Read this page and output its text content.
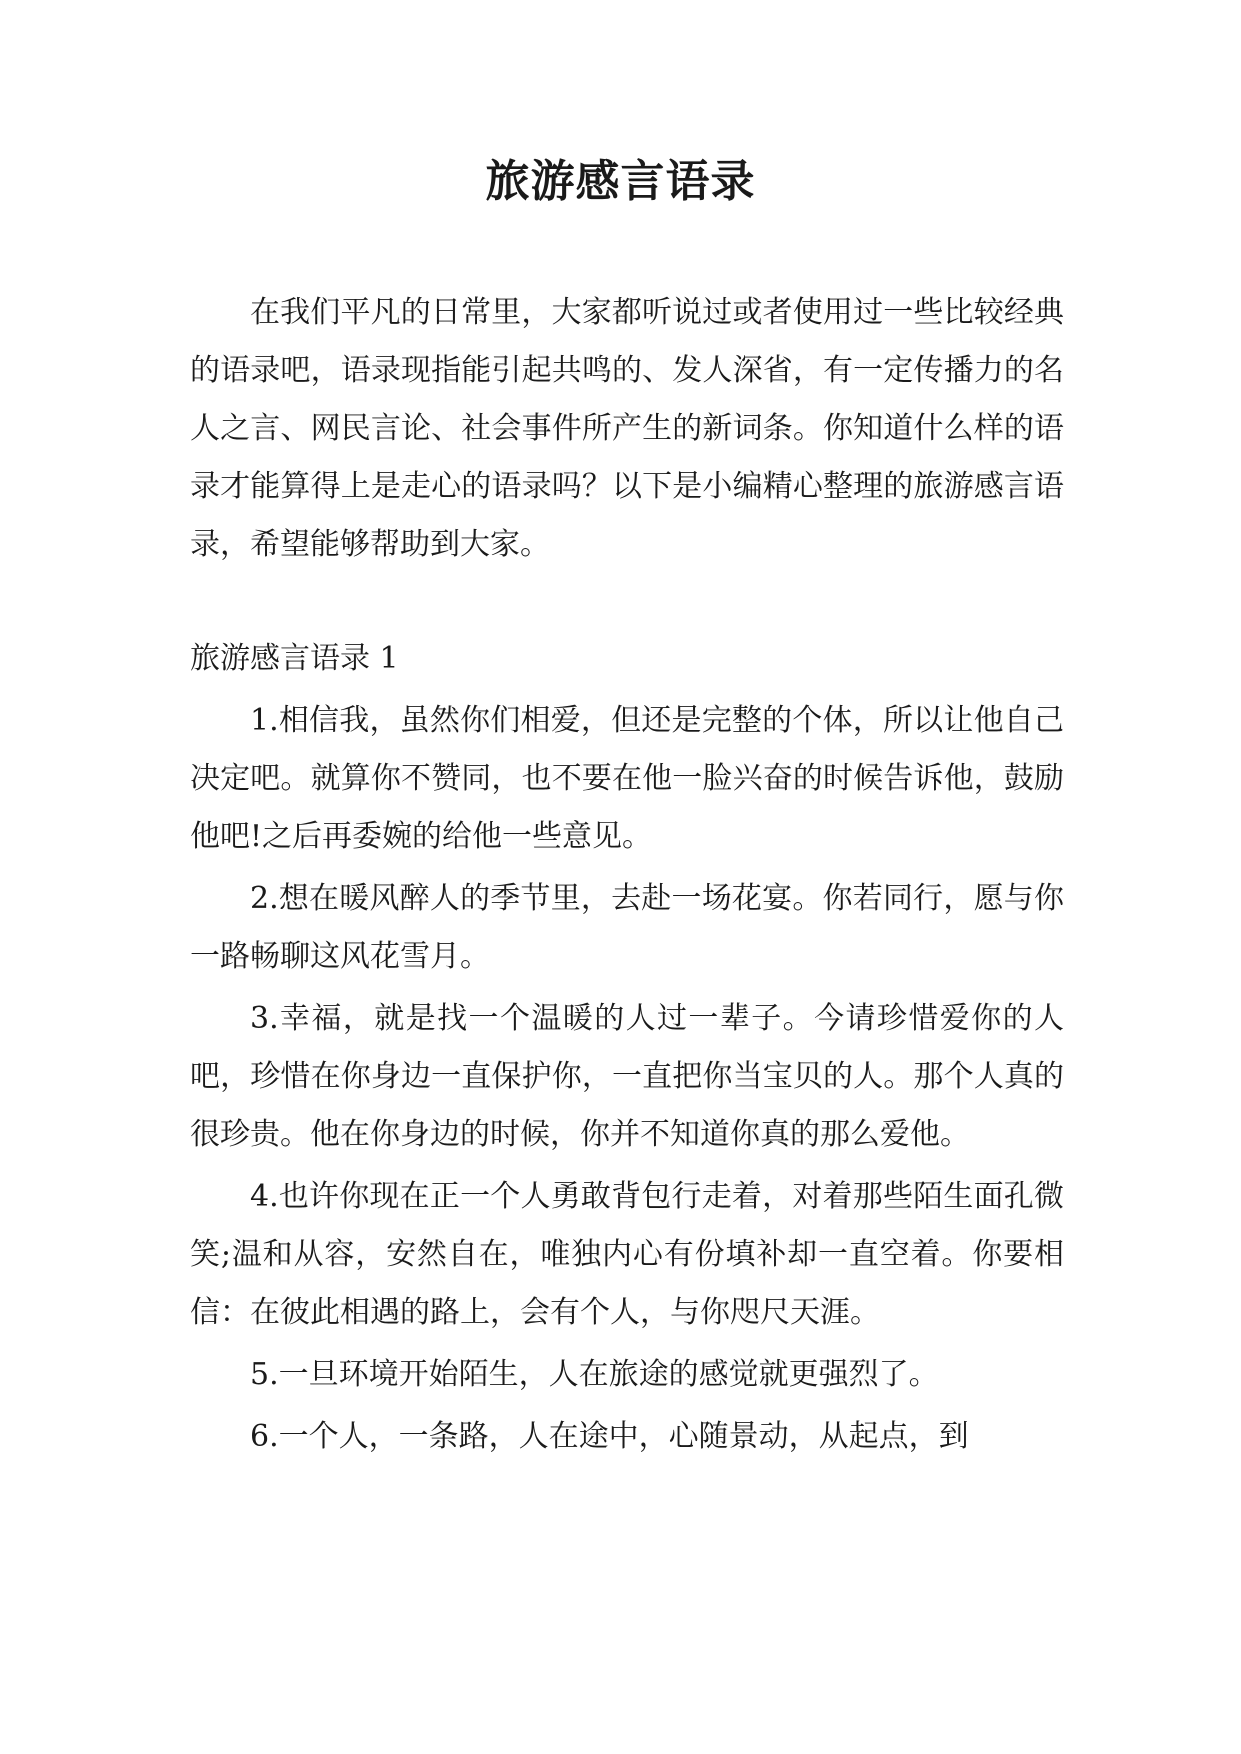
旅游感言语录

在我们平凡的日常里，大家都听说过或者使用过一些比较经典的语录吧，语录现指能引起共鸣的、发人深省，有一定传播力的名人之言、网民言论、社会事件所产生的新词条。你知道什么样的语录才能算得上是走心的语录吗？以下是小编精心整理的旅游感言语录，希望能够帮助到大家。

旅游感言语录 1

1.相信我，虽然你们相爱，但还是完整的个体，所以让他自己决定吧。就算你不赞同，也不要在他一脸兴奋的时候告诉他，鼓励他吧!之后再委婉的给他一些意见。

2.想在暖风醉人的季节里，去赴一场花宴。你若同行，愿与你一路畅聊这风花雪月。

3.幸福，就是找一个温暖的人过一辈子。今请珍惜爱你的人吧，珍惜在你身边一直保护你，一直把你当宝贝的人。那个人真的很珍贵。他在你身边的时候，你并不知道你真的那么爱他。

4.也许你现在正一个人勇敢背包行走着，对着那些陌生面孔微笑;温和从容，安然自在，唯独内心有份填补却一直空着。你要相信：在彼此相遇的路上，会有个人，与你咫尺天涯。

5.一旦环境开始陌生，人在旅途的感觉就更强烈了。

6.一个人，一条路，人在途中，心随景动，从起点，到
